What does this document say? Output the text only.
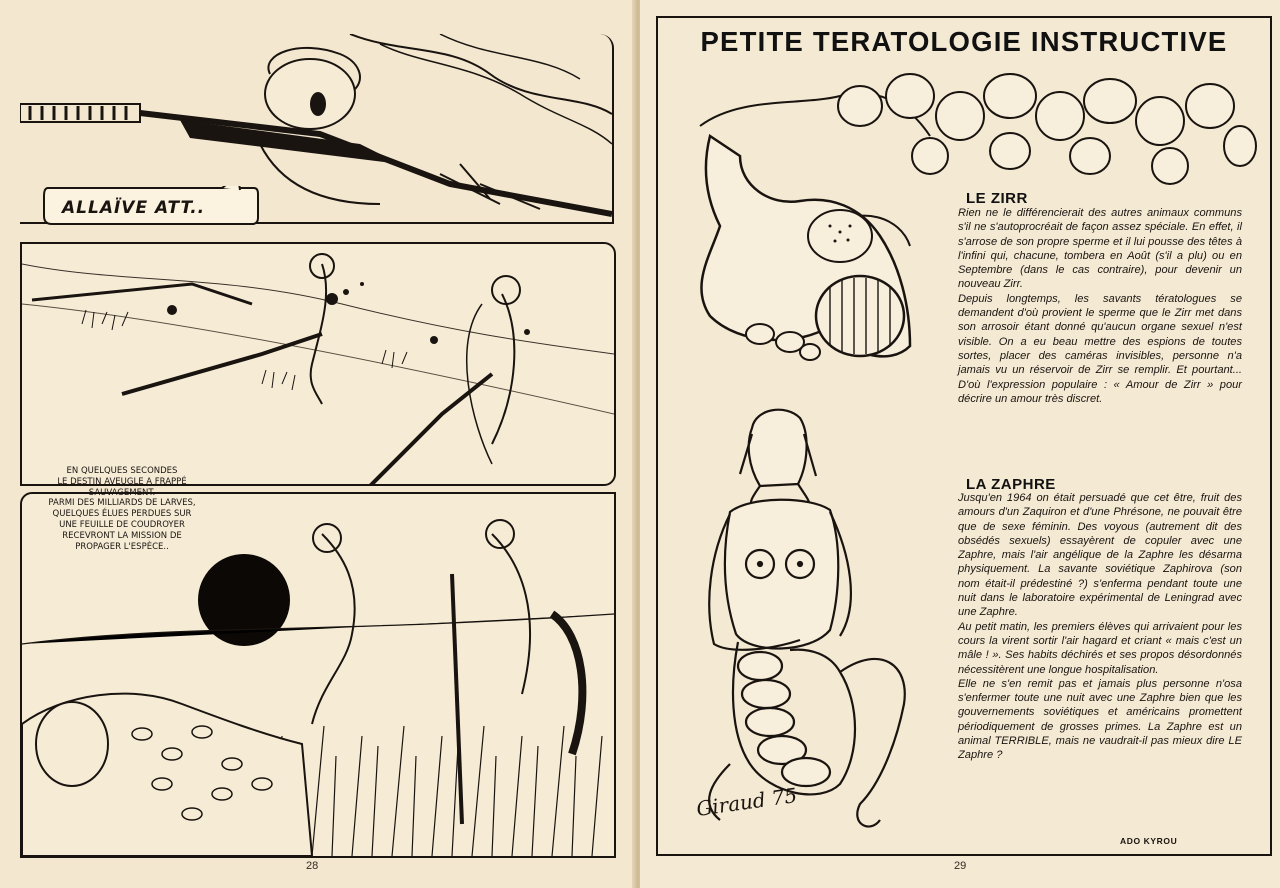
ALLAÏVE ATT..
EN QUELQUES SECONDES
LE DESTIN AVEUGLE A FRAPPÉ
SAUVAGEMENT.
PARMI DES MILLIARDS DE LARVES,
QUELQUES ÉLUES PERDUES SUR
UNE FEUILLE DE COUDROYER
RECEVRONT LA MISSION DE
PROPAGER L'ESPÈCE..
28
PETITE TERATOLOGIE INSTRUCTIVE
LE ZIRR
Rien ne le différencierait des autres animaux communs s'il ne s'autoprocréait de façon assez spéciale. En effet, il s'arrose de son propre sperme et il lui pousse des têtes à l'infini qui, chacune, tombera en Août (s'il a plu) ou en Septembre (dans le cas contraire), pour devenir un nouveau Zirr.
Depuis longtemps, les savants tératologues se demandent d'où provient le sperme que le Zirr met dans son arrosoir étant donné qu'aucun organe sexuel n'est visible. On a eu beau mettre des espions de toutes sortes, placer des caméras invisibles, personne n'a jamais vu un réservoir de Zirr se remplir. Et pourtant... D'où l'expression populaire : « Amour de Zirr » pour décrire un amour très discret.
Giraud 75
LA ZAPHRE
Jusqu'en 1964 on était persuadé que cet être, fruit des amours d'un Zaquiron et d'une Phrésone, ne pouvait être que de sexe féminin. Des voyous (autrement dit des obsédés sexuels) essayèrent de copuler avec une Zaphre, mais l'air angélique de la Zaphre les désarma physiquement. La savante soviétique Zaphirova (son nom était-il prédestiné ?) s'enferma pendant toute une nuit dans le laboratoire expérimental de Leningrad avec une Zaphre.
Au petit matin, les premiers élèves qui arrivaient pour les cours la virent sortir l'air hagard et criant « mais c'est un mâle ! ». Ses habits déchirés et ses propos désordonnés nécessitèrent une longue hospitalisation.
Elle ne s'en remit pas et jamais plus personne n'osa s'enfermer toute une nuit avec une Zaphre bien que les gouvernements soviétiques et américains promettent périodiquement de grosses primes. La Zaphre est un animal TERRIBLE, mais ne vaudrait-il pas mieux dire LE Zaphre ?
ADO KYROU
29
